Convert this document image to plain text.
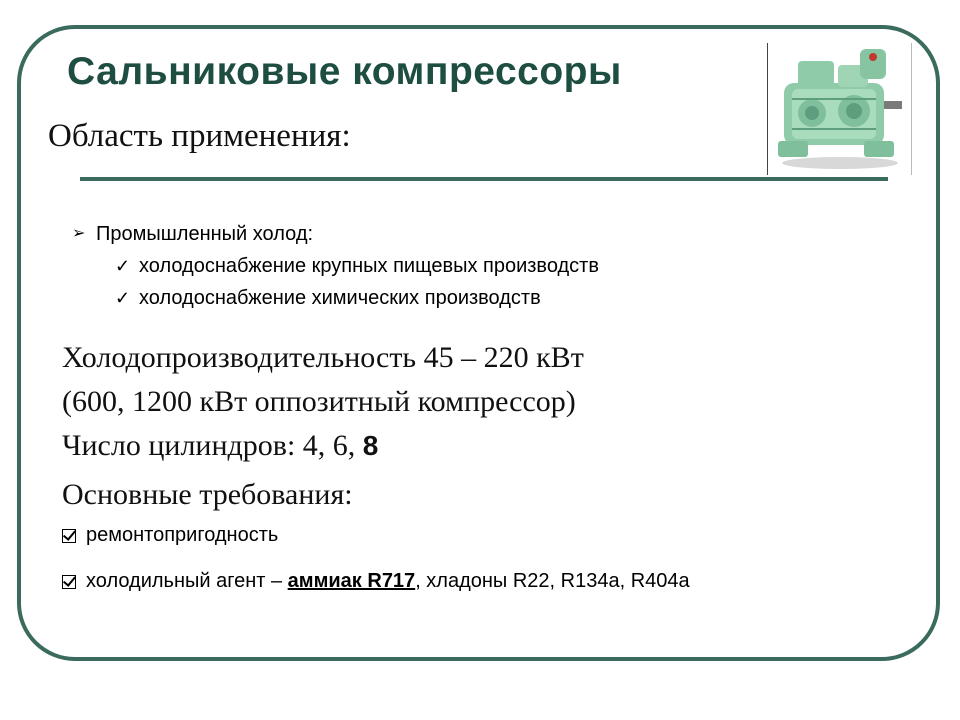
Сальниковые компрессоры
Область применения:
➢ Промышленный холод:
✓ холодоснабжение крупных пищевых производств
✓ холодоснабжение химических производств
Холодопроизводительность 45 – 220 кВт
(600, 1200 кВт оппозитный компрессор)
Число цилиндров: 4, 6, 8
Основные требования:
ремонтопригодность
холодильный агент – аммиак R717, хладоны R22, R134a, R404a
